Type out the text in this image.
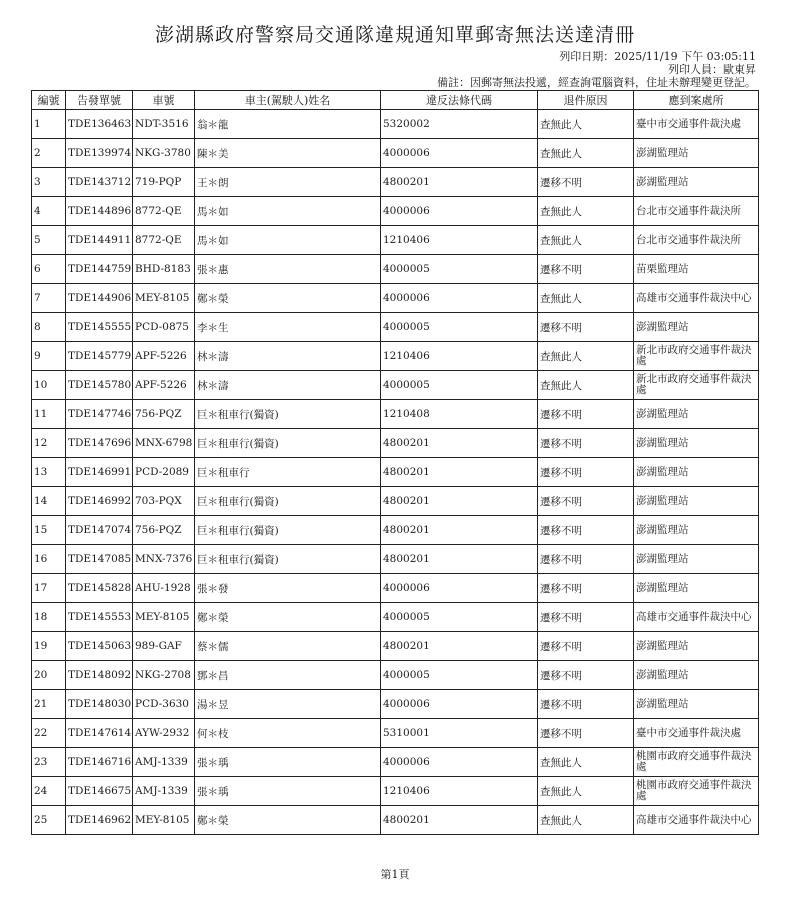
澎湖縣政府警察局交通隊違規通知單郵寄無法送達清冊
列印日期：2025/11/19 下午 03:05:11
列印人員：歐東昇
備註：因郵寄無法投遞，經查詢電腦資料，住址未辦理變更登記。
編號	告發單號	車號	車主(駕駛人)姓名	違反法條代碼	退件原因	應到案處所
1	TDE136463	NDT-3516	翁＊龍	5320002	查無此人	臺中市交通事件裁決處
2	TDE139974	NKG-3780	陳＊美	4000006	查無此人	澎湖監理站
3	TDE143712	719-PQP	王＊朗	4800201	遷移不明	澎湖監理站
4	TDE144896	8772-QE	馬＊如	4000006	查無此人	台北市交通事件裁決所
5	TDE144911	8772-QE	馬＊如	1210406	查無此人	台北市交通事件裁決所
6	TDE144759	BHD-8183	張＊惠	4000005	遷移不明	苗栗監理站
7	TDE144906	MEY-8105	鄭＊榮	4000006	查無此人	高雄市交通事件裁決中心
8	TDE145555	PCD-0875	李＊生	4000005	遷移不明	澎湖監理站
9	TDE145779	APF-5226	林＊濤	1210406	查無此人	新北市政府交通事件裁決處
10	TDE145780	APF-5226	林＊濤	4000005	查無此人	新北市政府交通事件裁決處
11	TDE147746	756-PQZ	巨＊租車行(獨資)	1210408	遷移不明	澎湖監理站
12	TDE147696	MNX-6798	巨＊租車行(獨資)	4800201	遷移不明	澎湖監理站
13	TDE146991	PCD-2089	巨＊租車行	4800201	遷移不明	澎湖監理站
14	TDE146992	703-PQX	巨＊租車行(獨資)	4800201	遷移不明	澎湖監理站
15	TDE147074	756-PQZ	巨＊租車行(獨資)	4800201	遷移不明	澎湖監理站
16	TDE147085	MNX-7376	巨＊租車行(獨資)	4800201	遷移不明	澎湖監理站
17	TDE145828	AHU-1928	張＊發	4000006	遷移不明	澎湖監理站
18	TDE145553	MEY-8105	鄭＊榮	4000005	遷移不明	高雄市交通事件裁決中心
19	TDE145063	989-GAF	蔡＊儒	4800201	遷移不明	澎湖監理站
20	TDE148092	NKG-2708	鄧＊昌	4000005	遷移不明	澎湖監理站
21	TDE148030	PCD-3630	湯＊昱	4000006	遷移不明	澎湖監理站
22	TDE147614	AYW-2932	何＊枝	5310001	遷移不明	臺中市交通事件裁決處
23	TDE146716	AMJ-1339	張＊瑀	4000006	查無此人	桃園市政府交通事件裁決處
24	TDE146675	AMJ-1339	張＊瑀	1210406	查無此人	桃園市政府交通事件裁決處
25	TDE146962	MEY-8105	鄭＊榮	4800201	查無此人	高雄市交通事件裁決中心
第1頁
